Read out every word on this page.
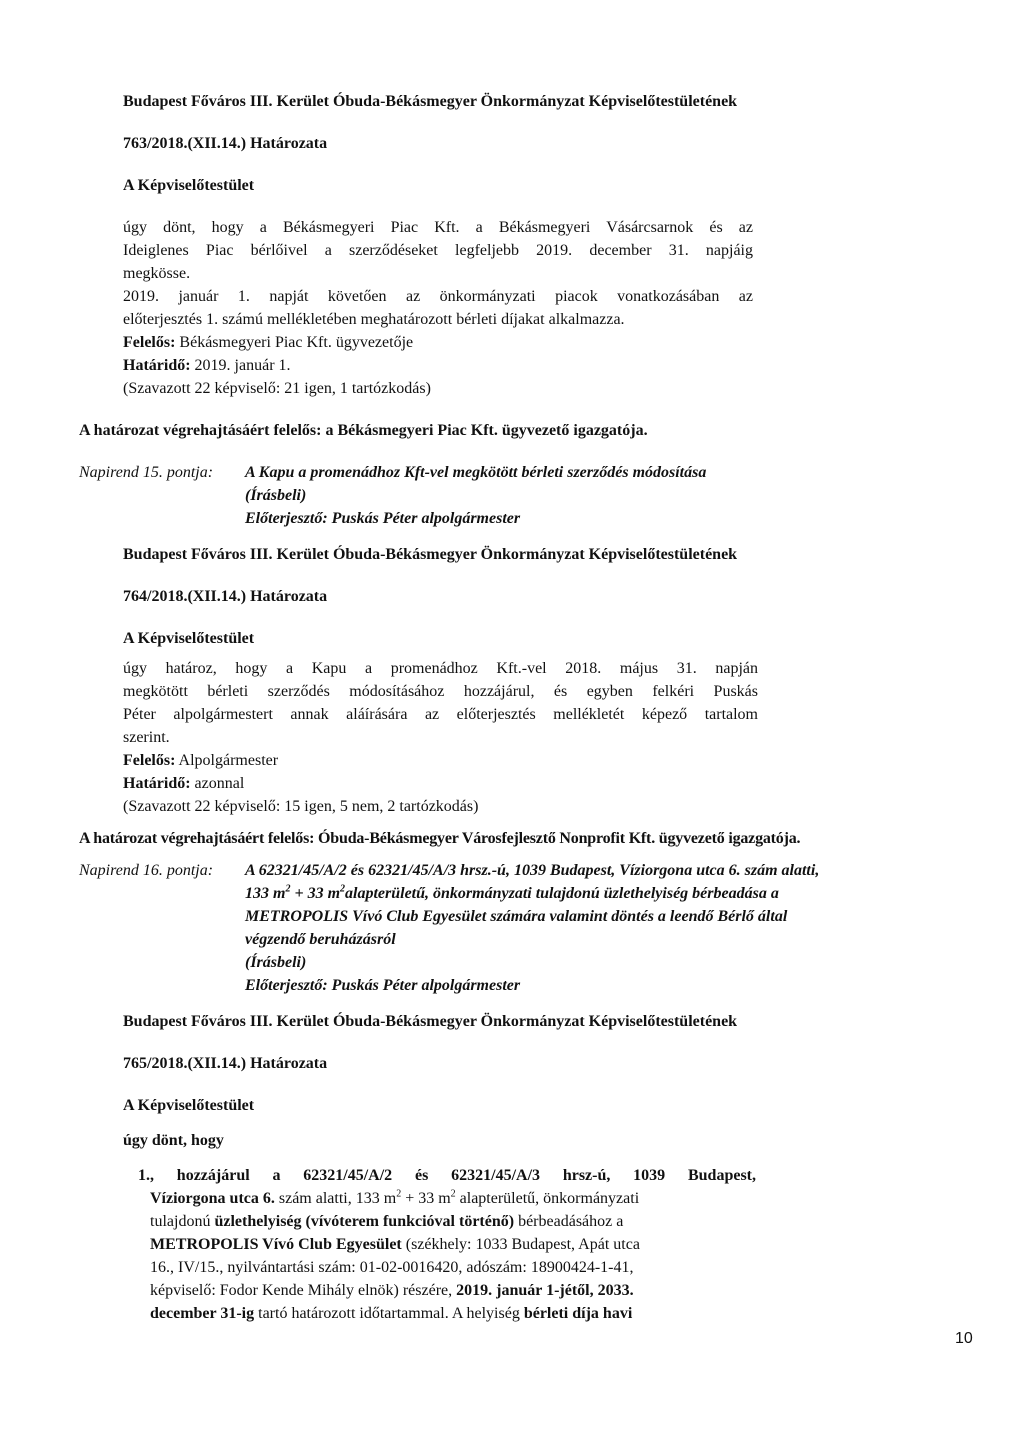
Budapest Főváros III. Kerület Óbuda-Békásmegyer Önkormányzat Képviselőtestületének
763/2018.(XII.14.) Határozata
A Képviselőtestület
úgy dönt, hogy a Békásmegyeri Piac Kft. a Békásmegyeri Vásárcsarnok és az
Ideiglenes Piac bérlőivel a szerződéseket legfeljebb 2019. december 31. napjáig
megkösse.
2019. január 1. napját követően az önkormányzati piacok vonatkozásában az
előterjesztés 1. számú mellékletében meghatározott bérleti díjakat alkalmazza.
Felelős: Békásmegyeri Piac Kft. ügyvezetője
Határidő: 2019. január 1.
(Szavazott 22 képviselő: 21 igen, 1 tartózkodás)
A határozat végrehajtásáért felelős: a Békásmegyeri Piac Kft. ügyvezető igazgatója.
Napirend 15. pontja: A Kapu a promenádhoz Kft-vel megkötött bérleti szerződés módosítása
(Írásbeli)
Előterjesztő: Puskás Péter alpolgármester
Budapest Főváros III. Kerület Óbuda-Békásmegyer Önkormányzat Képviselőtestületének
764/2018.(XII.14.) Határozata
A Képviselőtestület
úgy határoz, hogy a Kapu a promenádhoz Kft.-vel 2018. május 31. napján
megkötött bérleti szerződés módosításához hozzájárul, és egyben felkéri Puskás
Péter alpolgármestert annak aláírására az előterjesztés mellékletét képező tartalom
szerint.
Felelős: Alpolgármester
Határidő: azonnal
(Szavazott 22 képviselő: 15 igen, 5 nem, 2 tartózkodás)
A határozat végrehajtásáért felelős: Óbuda-Békásmegyer Városfejlesztő Nonprofit Kft. ügyvezető igazgatója.
Napirend 16. pontja: A 62321/45/A/2 és 62321/45/A/3 hrsz.-ú, 1039 Budapest, Víziorgona utca 6. szám alatti,
133 $m^2 + 33$ $m^2alapterületű$, önkormányzati tulajdonú üzlethelyiség bérbeadása a
METROPOLIS Vívó Club Egyesület számára valamint döntés a leendő Bérlő által
végzendő beruházásról
(Írásbeli)
Előterjesztő: Puskás Péter alpolgármester
Budapest Főváros III. Kerület Óbuda-Békásmegyer Önkormányzat Képviselőtestületének
765/2018.(XII.14.) Határozata
A Képviselőtestület
úgy dönt, hogy
1., hozzájárul a 62321/45/A/2 és 62321/45/A/3 hrsz-ú, 1039 Budapest,
Víziorgona utca 6. szám alatti, 133 $m^2 + 33$ $m^2$ alapterületű, önkormányzati
tulajdonú üzlethelyiség (vívóterem funkcióval történő) bérbeadásához a
METROPOLIS Vívó Club Egyesület (székhely: 1033 Budapest, Apát utca
16., IV/15., nyilvántartási szám: 01-02-0016420, adószám: 18900424-1-41,
képviselő: Fodor Kende Mihály elnök) részére, 2019. január 1-jétől, 2033.
december 31-ig tartó határozott időtartammal. A helyiség bérleti díja havi
10
